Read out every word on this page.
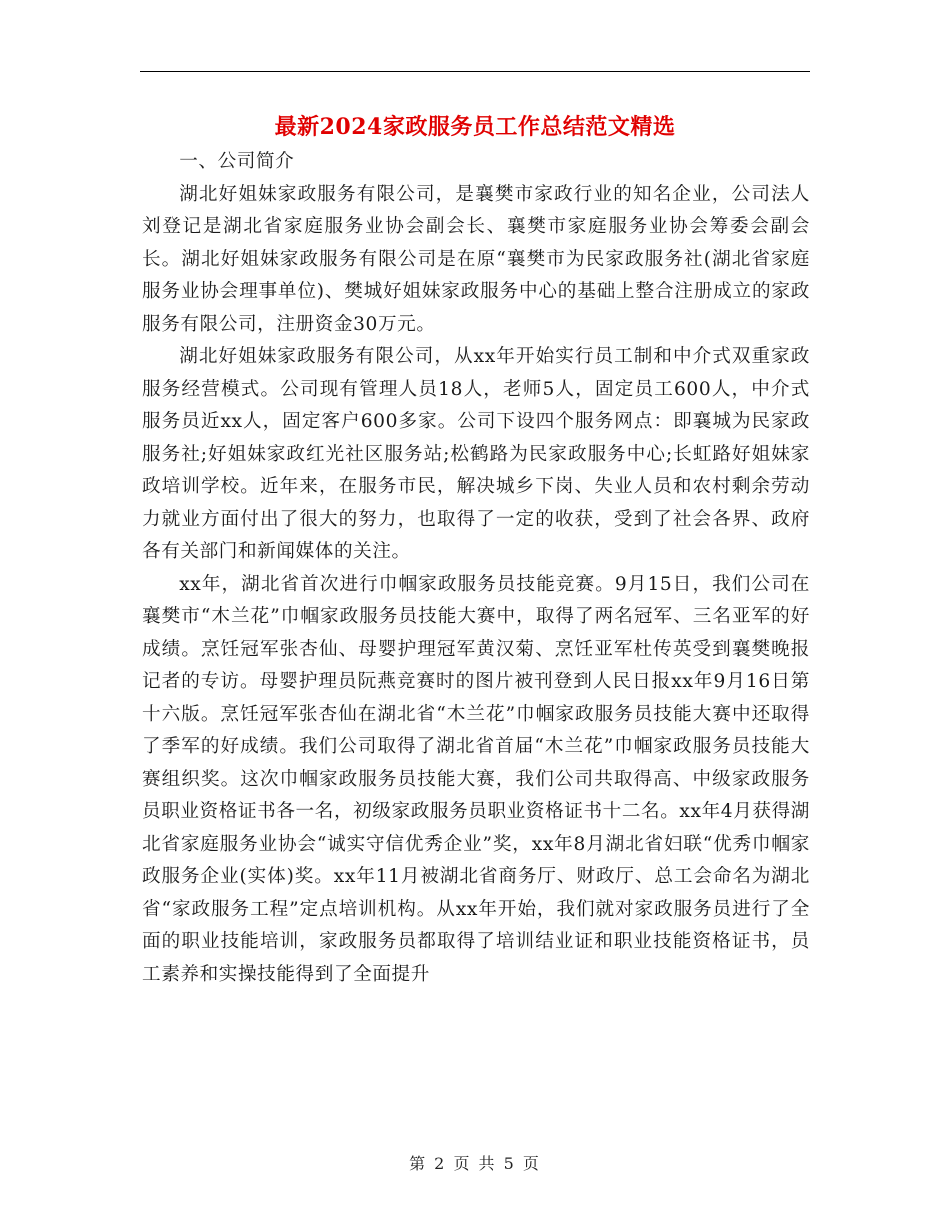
最新2024家政服务员工作总结范文精选

一、公司简介

湖北好姐妹家政服务有限公司，是襄樊市家政行业的知名企业，公司法人刘登记是湖北省家庭服务业协会副会长、襄樊市家庭服务业协会筹委会副会长。湖北好姐妹家政服务有限公司是在原“襄樊市为民家政服务社(湖北省家庭服务业协会理事单位)、樊城好姐妹家政服务中心的基础上整合注册成立的家政服务有限公司，注册资金30万元。

湖北好姐妹家政服务有限公司，从xx年开始实行员工制和中介式双重家政服务经营模式。公司现有管理人员18人，老师5人，固定员工600人，中介式服务员近xx人，固定客户600多家。公司下设四个服务网点：即襄城为民家政服务社;好姐妹家政红光社区服务站;松鹤路为民家政服务中心;长虹路好姐妹家政培训学校。近年来，在服务市民，解决城乡下岗、失业人员和农村剩余劳动力就业方面付出了很大的努力，也取得了一定的收获，受到了社会各界、政府各有关部门和新闻媒体的关注。

xx年，湖北省首次进行巾帼家政服务员技能竞赛。9月15日，我们公司在襄樊市“木兰花”巾帼家政服务员技能大赛中，取得了两名冠军、三名亚军的好成绩。烹饪冠军张杏仙、母婴护理冠军黄汉菊、烹饪亚军杜传英受到襄樊晚报记者的专访。母婴护理员阮燕竞赛时的图片被刊登到人民日报xx年9月16日第十六版。烹饪冠军张杏仙在湖北省“木兰花”巾帼家政服务员技能大赛中还取得了季军的好成绩。我们公司取得了湖北省首届“木兰花”巾帼家政服务员技能大赛组织奖。这次巾帼家政服务员技能大赛，我们公司共取得高、中级家政服务员职业资格证书各一名，初级家政服务员职业资格证书十二名。xx年4月获得湖北省家庭服务业协会“诚实守信优秀企业”奖，xx年8月湖北省妇联“优秀巾帼家政服务企业(实体)奖。xx年11月被湖北省商务厅、财政厅、总工会命名为湖北省“家政服务工程”定点培训机构。从xx年开始，我们就对家政服务员进行了全面的职业技能培训，家政服务员都取得了培训结业证和职业技能资格证书，员工素养和实操技能得到了全面提升

第 2 页 共 5 页
